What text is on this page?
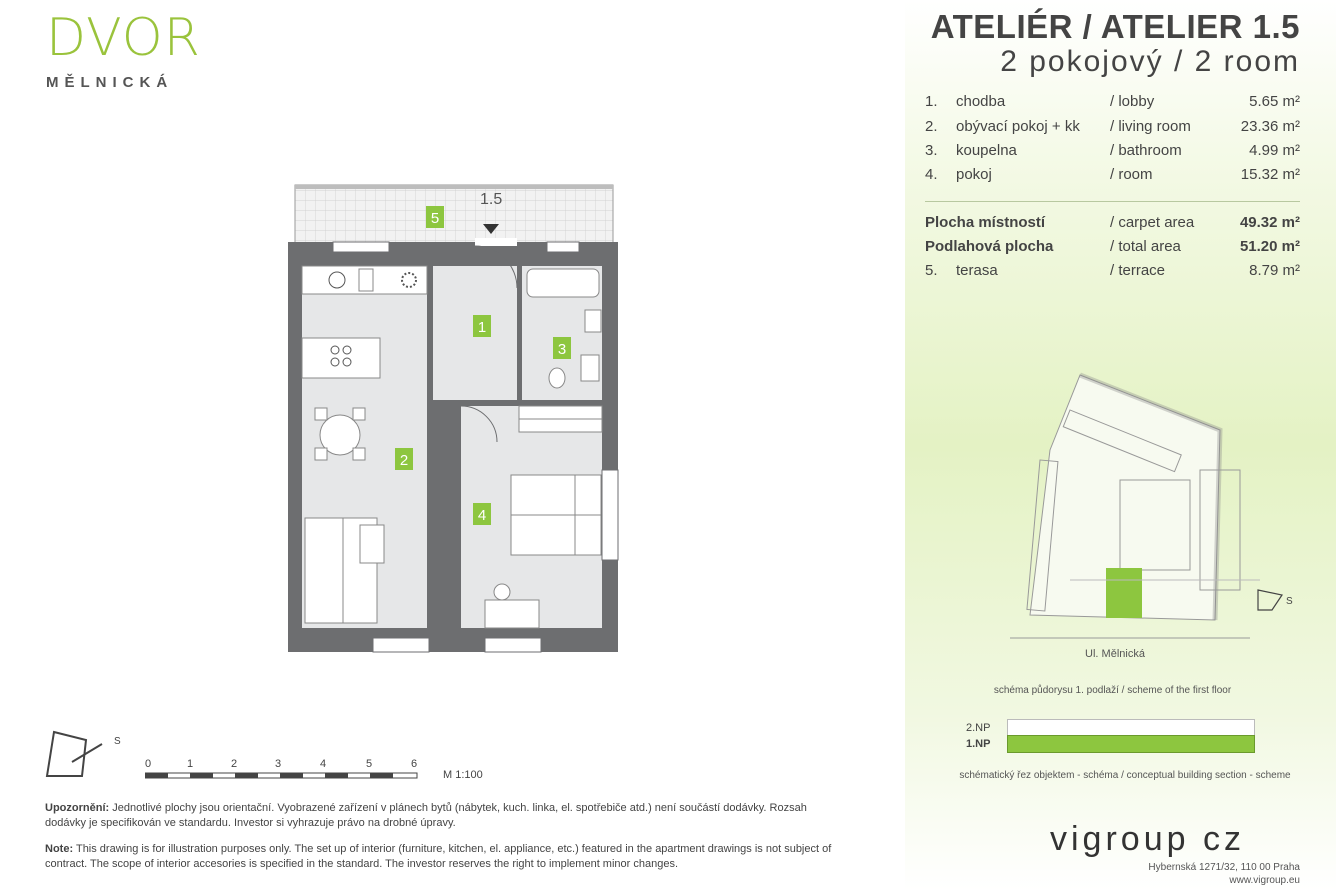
DVOR
MĚLNICKÁ
ATELIÉR / ATELIER 1.5
2 pokojový / 2 room
1. chodba	/ lobby	5.65 m²
2. obývací pokoj + kk / living room	23.36 m²
3. koupelna	/ bathroom	4.99 m²
4. pokoj	/ room	15.32 m²
Plocha místností	/ carpet area	49.32 m²
Podlahová plocha	/ total area	51.20 m²
5. terasa	/ terrace	8.79 m²
1.5
1
2
3
4
5
S
Ul. Mělnická
schéma půdorysu 1. podlaží / scheme of the first floor
2.NP
1.NP
schématický řez objektem - schéma / conceptual building section - scheme
S
0	1	2	3	4	5	6
M 1:100
Upozornění: Jednotlivé plochy jsou orientační. Vyobrazené zařízení v plánech bytů (nábytek, kuch. linka, el. spotřebiče atd.) není součástí dodávky. Rozsah dodávky je specifikován ve standardu. Investor si vyhrazuje právo na drobné úpravy.
Note: This drawing is for illustration purposes only. The set up of interior (furniture, kitchen, el. appliance, etc.) featured in the apartment drawings is not subject of contract. The scope of interior accesories is specified in the standard. The investor reserves the right to implement minor changes.
vigroup cz
Hybernská 1271/32, 110 00 Praha
www.vigroup.eu
